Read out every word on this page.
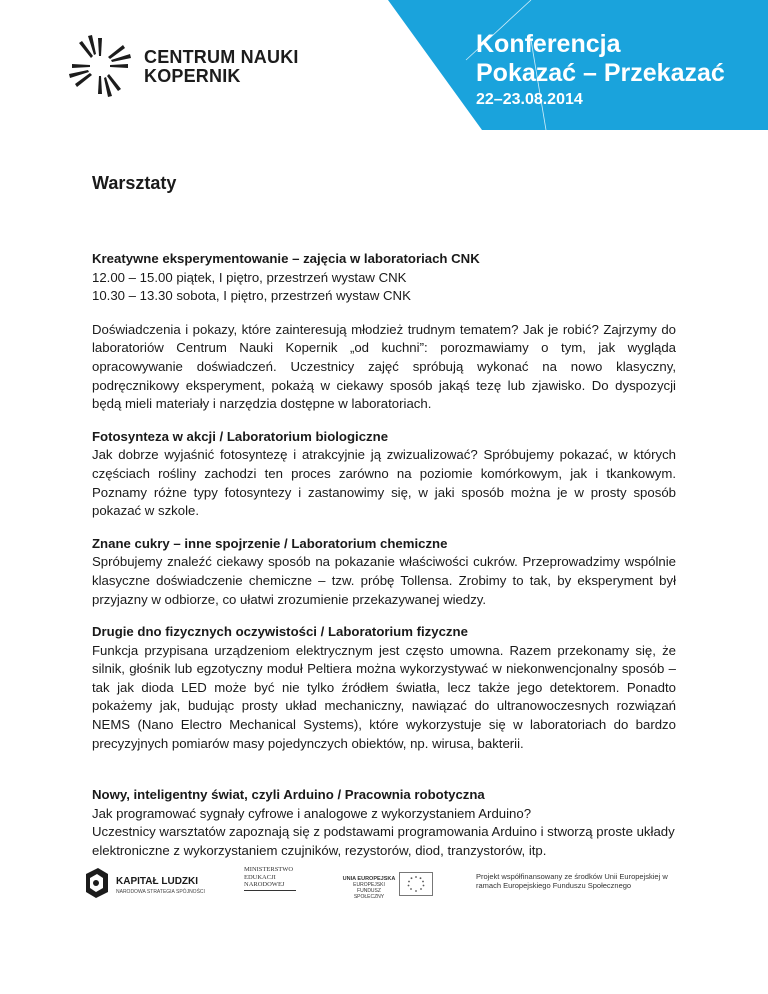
Konferencja
Pokazać – Przekazać
22–23.08.2014
CENTRUM NAUKI
KOPERNIK
Warsztaty

Kreatywne eksperymentowanie – zajęcia w laboratoriach CNK

12.00 – 15.00 piątek, I piętro, przestrzeń wystaw CNK

10.30 – 13.30 sobota, I piętro, przestrzeń wystaw CNK

Doświadczenia i pokazy, które zainteresują młodzież trudnym tematem? Jak je robić? Zajrzymy do laboratoriów Centrum Nauki Kopernik „od kuchni”: porozmawiamy o tym, jak wygląda opracowywanie doświadczeń. Uczestnicy zajęć spróbują wykonać na nowo klasyczny, podręcznikowy eksperyment, pokażą w ciekawy sposób jakąś tezę lub zjawisko. Do dyspozycji będą mieli materiały i narzędzia dostępne w laboratoriach.

Fotosynteza w akcji / Laboratorium biologiczne

Jak dobrze wyjaśnić fotosyntezę i atrakcyjnie ją zwizualizować? Spróbujemy pokazać, w których częściach rośliny zachodzi ten proces zarówno na poziomie komórkowym, jak i tkankowym. Poznamy różne typy fotosyntezy i zastanowimy się, w jaki sposób można je w prosty sposób pokazać w szkole.

Znane cukry – inne spojrzenie / Laboratorium chemiczne

Spróbujemy znaleźć ciekawy sposób na pokazanie właściwości cukrów. Przeprowadzimy wspólnie klasyczne doświadczenie chemiczne – tzw. próbę Tollensa. Zrobimy to tak, by eksperyment był przyjazny w odbiorze, co ułatwi zrozumienie przekazywanej wiedzy.

Drugie dno fizycznych oczywistości / Laboratorium fizyczne

Funkcja przypisana urządzeniom elektrycznym jest często umowna. Razem przekonamy się, że silnik, głośnik lub egzotyczny moduł Peltiera można wykorzystywać w niekonwencjonalny sposób – tak jak dioda LED może być nie tylko źródłem światła, lecz także jego detektorem. Ponadto pokażemy jak, budując prosty układ mechaniczny, nawiązać do ultranowoczesnych rozwiązań NEMS (Nano Electro Mechanical Systems), które wykorzystuje się w laboratoriach do bardzo precyzyjnych pomiarów masy pojedynczych obiektów, np. wirusa, bakterii.

Nowy, inteligentny świat, czyli Arduino / Pracownia robotyczna

Jak programować sygnały cyfrowe i analogowe z wykorzystaniem Arduino?

Uczestnicy warsztatów zapoznają się z podstawami programowania Arduino i stworzą proste układy elektroniczne z wykorzystaniem czujników, rezystorów, diod, tranzystorów, itp.

KAPITAŁ LUDZKI
NARODOWA STRATEGIA SPÓJNOŚCI
MINISTERSTWO
EDUKACJI
NARODOWEJ
UNIA EUROPEJSKA
EUROPEJSKI
FUNDUSZ SPOŁECZNY
Projekt współfinansowany ze środków Unii Europejskiej w ramach Europejskiego Funduszu Społecznego
